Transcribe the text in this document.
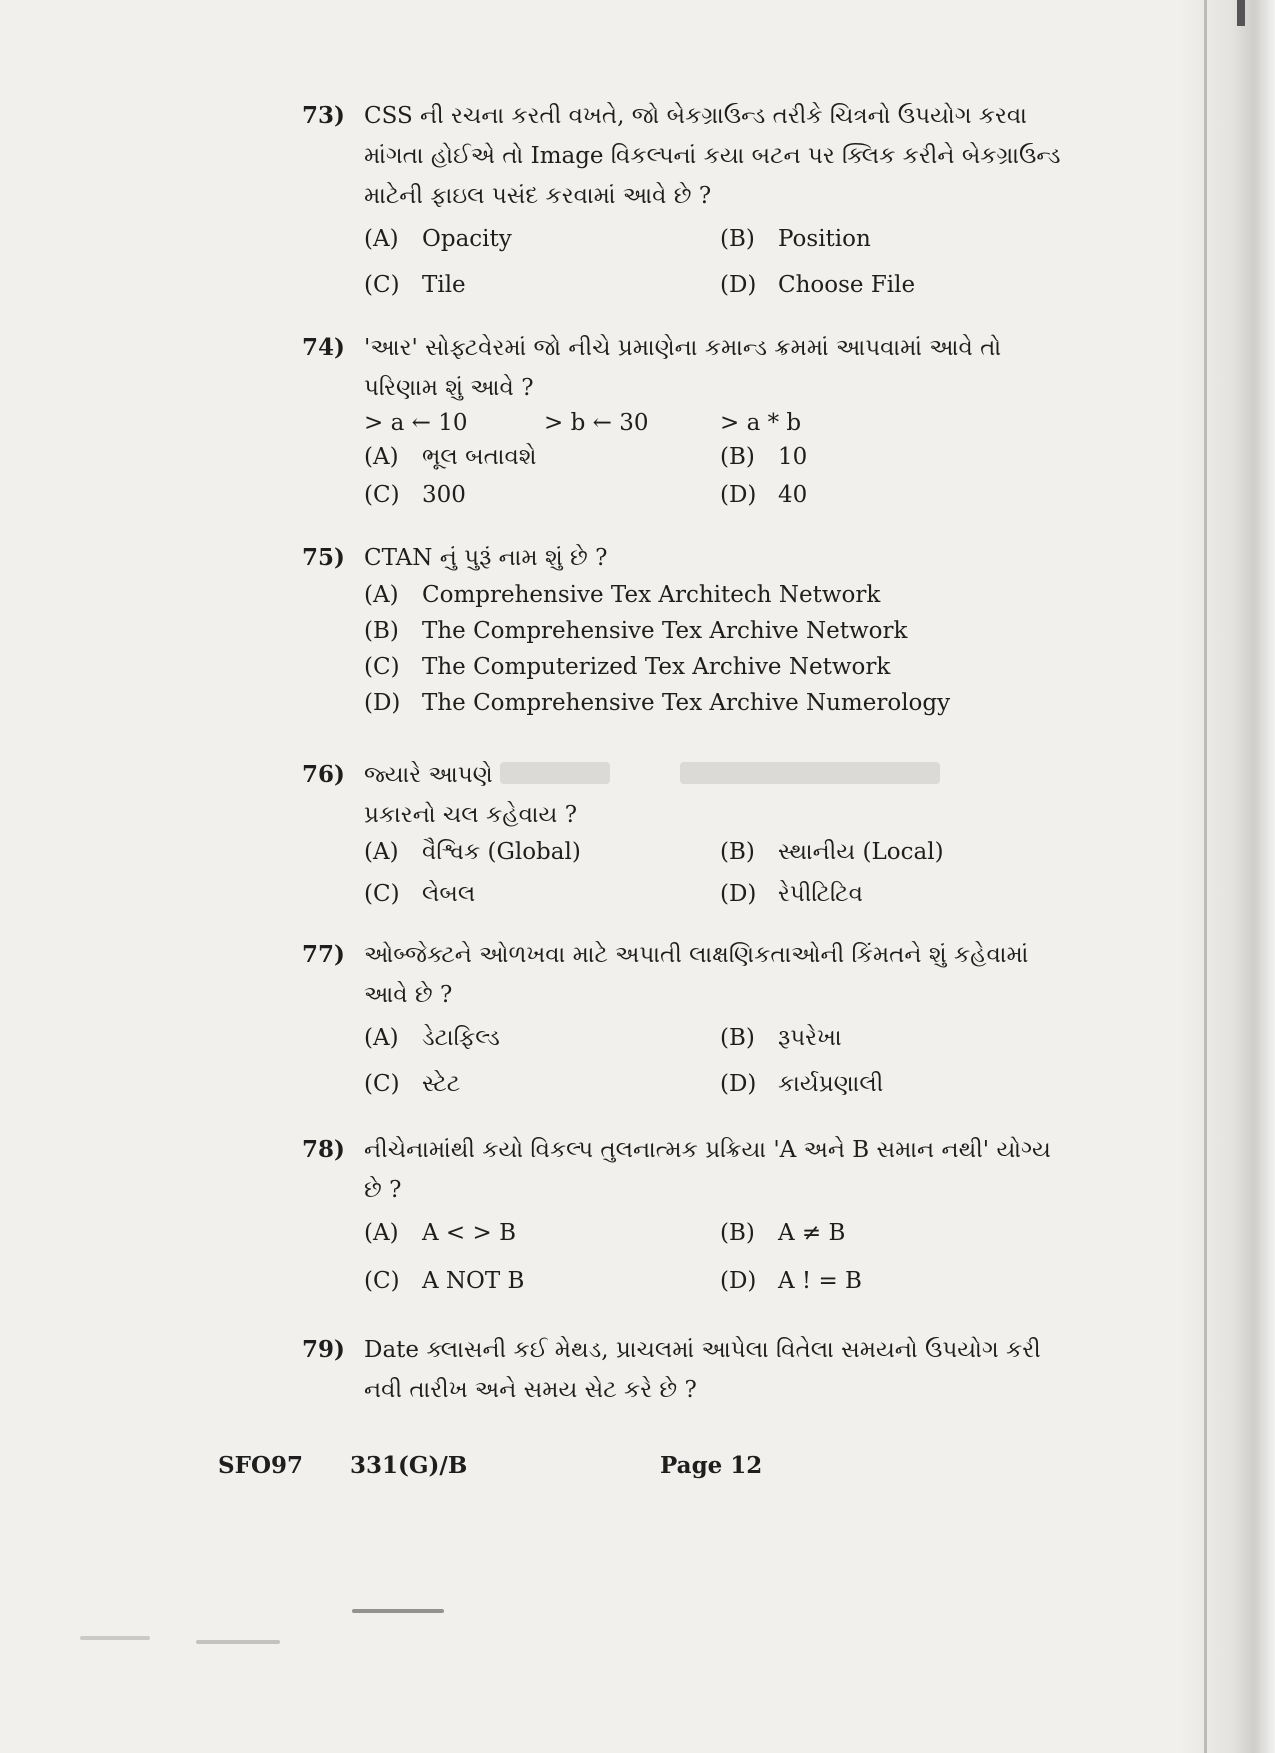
73) CSS ની રચના કરતી વખતે, જો બેકગ્રાઉન્ડ તરીકે ચિત્રનો ઉપયોગ કરવા માંગતા હોઈએ તો Image વિકલ્પનાં કયા બટન પર ક્લિક કરીને બેકગ્રાઉન્ડ માટેની ફાઇલ પસંદ કરવામાં આવે છે ?
(A) Opacity	(B) Position
(C) Tile	(D) Choose File
74) 'આર' સોફ્ટવેરમાં જો નીચે પ્રમાણેના કમાન્ડ ક્રમમાં આપવામાં આવે તો પરિણામ શું આવે ?
> a ← 10	> b ← 30	> a * b
(A) ભૂલ બતાવશે	(B) 10
(C) 300	(D) 40
75) CTAN નું પુરૂં નામ શું છે ?
(A) Comprehensive Tex Architech Network
(B) The Comprehensive Tex Archive Network
(C) The Computerized Tex Archive Network
(D) The Comprehensive Tex Archive Numerology
76) જ્યારે આપણે
પ્રકારનો ચલ કહેવાય ?
(A) વૈશ્વિક (Global)	(B) સ્થાનીય (Local)
(C) લેબલ	(D) રેપીટિટિવ
77) ઓબ્જેક્ટને ઓળખવા માટે અપાતી લાક્ષણિકતાઓની કિંમતને શું કહેવામાં આવે છે ?
(A) ડેટાફિલ્ડ	(B) રૂપરેખા
(C) સ્ટેટ	(D) કાર્યપ્રણાલી
78) નીચેનામાંથી કયો વિકલ્પ તુલનાત્મક પ્રક્રિયા 'A અને B સમાન નથી' યોગ્ય છે ?
(A) A < > B	(B) A ≠ B
(C) A NOT B	(D) A ! = B
79) Date ક્લાસની કઈ મેથડ, પ્રાચલમાં આપેલા વિતેલા સમયનો ઉપયોગ કરી નવી તારીખ અને સમય સેટ કરે છે ?
SFO97 331(G)/B	Page 12
